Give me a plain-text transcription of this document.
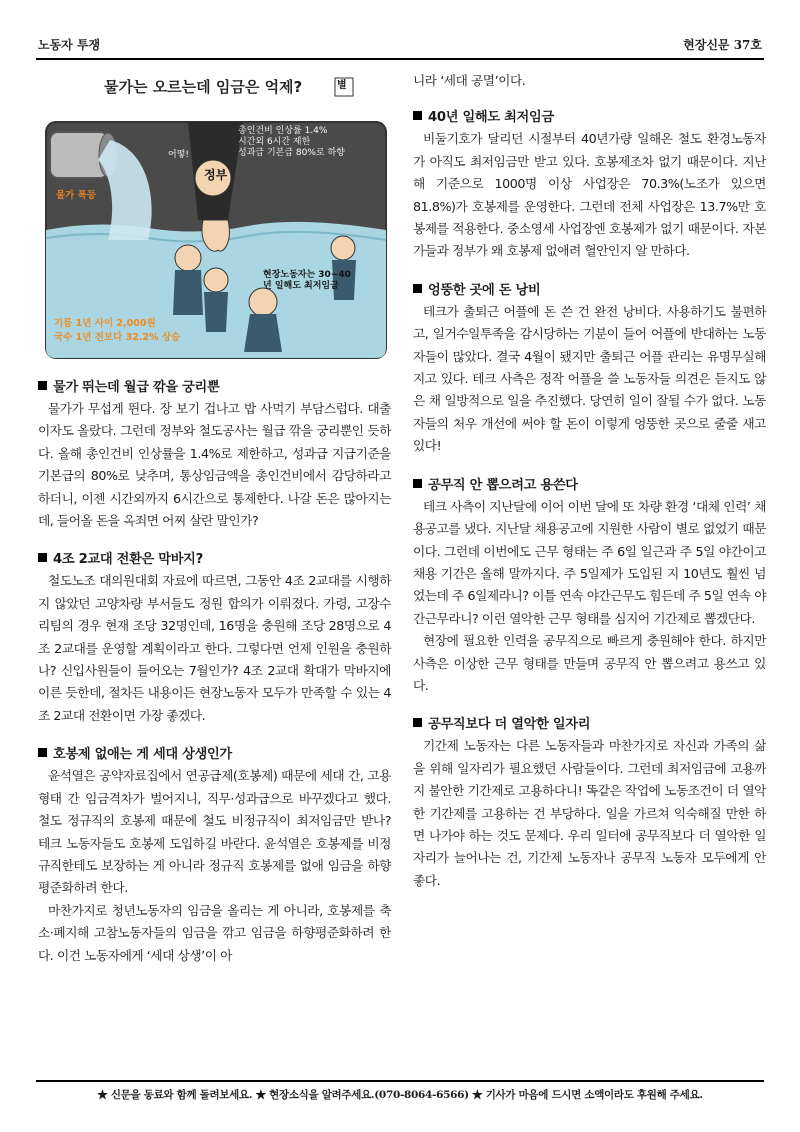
노동자 투쟁	현장신문 37호
물가는 오르는데 임금은 억제?	별
정부
어떻!
총인건비 인상률 1.4%
시간외 6시간 제한
성과급 기본급 80%로 하향
물가 폭등
현장노동자는 30~40년 일해도 최저임금
기름 1년 사이 2,000원
국수 1년 전보다 32.2% 상승
물가 뛰는데 월급 깎을 궁리뿐

물가가 무섭게 뛴다. 장 보기 겁나고 밥 사먹기 부담스럽다. 대출이자도 올랐다. 그런데 정부와 철도공사는 월급 깎을 궁리뿐인 듯하다. 올해 총인건비 인상률을 1.4%로 제한하고, 성과급 지급기준을 기본급의 80%로 낮추며, 통상임금액을 총인건비에서 감당하라고 하더니, 이젠 시간외까지 6시간으로 통제한다. 나갈 돈은 많아지는데, 들어올 돈을 옥죄면 어찌 살란 말인가?

4조 2교대 전환은 막바지?

철도노조 대의원대회 자료에 따르면, 그동안 4조 2교대를 시행하지 않았던 고양차량 부서들도 정원 합의가 이뤄졌다. 가령, 고장수리팀의 경우 현재 조당 32명인데, 16명을 충원해 조당 28명으로 4조 2교대를 운영할 계획이라고 한다. 그렇다면 언제 인원을 충원하나? 신입사원들이 들어오는 7월인가? 4조 2교대 확대가 막바지에 이른 듯한데, 절차든 내용이든 현장노동자 모두가 만족할 수 있는 4조 2교대 전환이면 가장 좋겠다.

호봉제 없애는 게 세대 상생인가

윤석열은 공약자료집에서 연공급제(호봉제) 때문에 세대 간, 고용형태 간 임금격차가 벌어지니, 직무·성과급으로 바꾸겠다고 했다. 철도 정규직의 호봉제 때문에 철도 비정규직이 최저임금만 받나? 테크 노동자들도 호봉제 도입하길 바란다. 윤석열은 호봉제를 비정규직한테도 보장하는 게 아니라 정규직 호봉제를 없애 임금을 하향평준화하려 한다.

마찬가지로 청년노동자의 임금을 올리는 게 아니라, 호봉제를 축소·폐지해 고참노동자들의 임금을 깎고 임금을 하향평준화하려 한다. 이건 노동자에게 ‘세대 상생’이 아

니라 ‘세대 공멸’이다.

40년 일해도 최저임금

비둘기호가 달리던 시절부터 40년가량 일해온 철도 환경노동자가 아직도 최저임금만 받고 있다. 호봉제조차 없기 때문이다. 지난해 기준으로 1000명 이상 사업장은 70.3%(노조가 있으면 81.8%)가 호봉제를 운영한다. 그런데 전체 사업장은 13.7%만 호봉제를 적용한다. 중소영세 사업장엔 호봉제가 없기 때문이다. 자본가들과 정부가 왜 호봉제 없애려 혈안인지 알 만하다.

엉뚱한 곳에 돈 낭비

테크가 출퇴근 어플에 돈 쓴 건 완전 낭비다. 사용하기도 불편하고, 일거수일투족을 감시당하는 기분이 들어 어플에 반대하는 노동자들이 많았다. 결국 4월이 됐지만 출퇴근 어플 관리는 유명무실해지고 있다. 테크 사측은 정작 어플을 쓸 노동자들 의견은 듣지도 않은 채 일방적으로 일을 추진했다. 당연히 일이 잘될 수가 없다. 노동자들의 처우 개선에 써야 할 돈이 이렇게 엉뚱한 곳으로 줄줄 새고 있다!

공무직 안 뽑으려고 용쓴다

테크 사측이 지난달에 이어 이번 달에 또 차량 환경 ‘대체 인력’ 채용공고를 냈다. 지난달 채용공고에 지원한 사람이 별로 없었기 때문이다. 그런데 이번에도 근무 형태는 주 6일 일근과 주 5일 야간이고 채용 기간은 올해 말까지다. 주 5일제가 도입된 지 10년도 훨씬 넘었는데 주 6일제라니? 이틀 연속 야간근무도 힘든데 주 5일 연속 야간근무라니? 이런 열악한 근무 형태를 심지어 기간제로 뽑겠단다.

현장에 필요한 인력을 공무직으로 빠르게 충원해야 한다. 하지만 사측은 이상한 근무 형태를 만들며 공무직 안 뽑으려고 용쓰고 있다.

공무직보다 더 열악한 일자리

기간제 노동자는 다른 노동자들과 마찬가지로 자신과 가족의 삶을 위해 일자리가 필요했던 사람들이다. 그런데 최저임금에 고용까지 불안한 기간제로 고용하다니! 똑같은 작업에 노동조건이 더 열악한 기간제를 고용하는 건 부당하다. 일을 가르쳐 익숙해질 만한 하면 나가야 하는 것도 문제다. 우리 일터에 공무직보다 더 열악한 일자리가 늘어나는 건, 기간제 노동자나 공무직 노동자 모두에게 안 좋다.

★ 신문을 동료와 함께 돌려보세요. ★ 현장소식을 알려주세요.(070-8064-6566) ★ 기사가 마음에 드시면 소액이라도 후원해 주세요.
